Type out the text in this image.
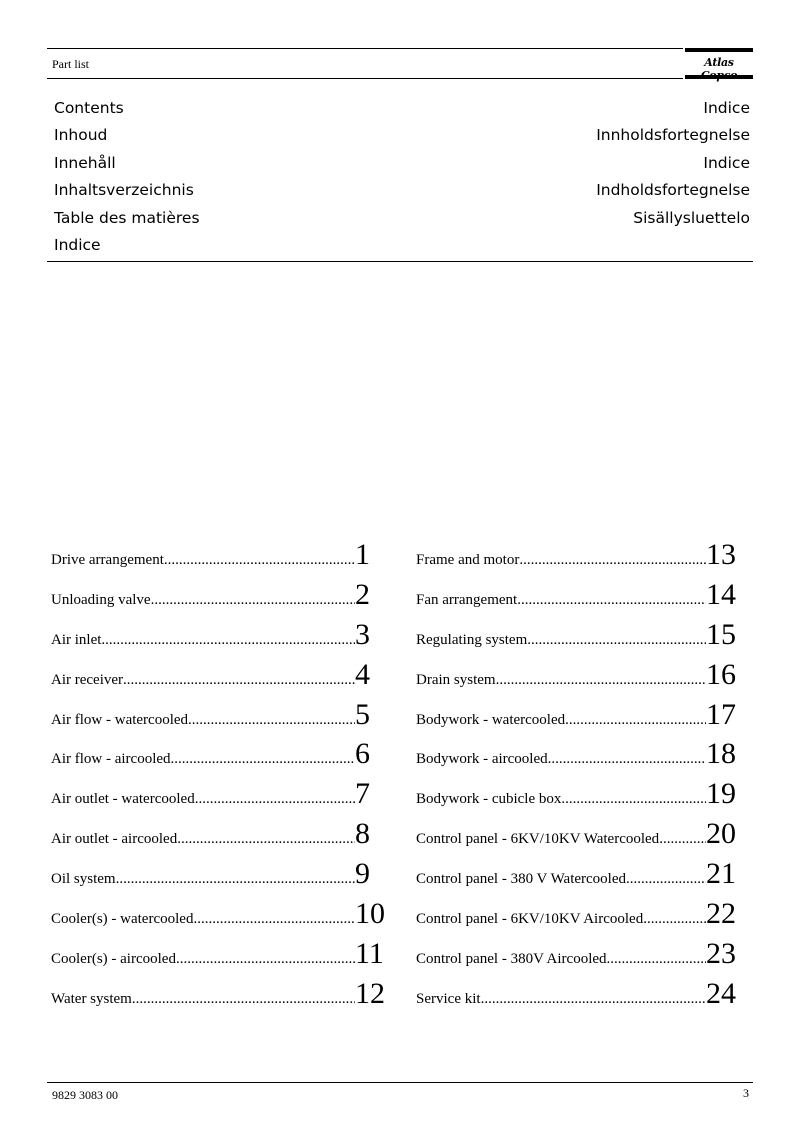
Part list	Atlas
Contents	Indice
Inhoud	Innholdsfortegnelse
Innehåll	Indice
Inhaltsverzeichnis	Indholdsfortegnelse
Table des matières	Sisällysluettelo
Indice
Drive arrangement .....	1
Unloading valve .....	2
Air inlet .....	3
Air receiver .....	4
Air flow - watercooled .....	5
Air flow - aircooled .....	6
Air outlet - watercooled .....	7
Air outlet - aircooled .....	8
Oil system .....	9
Cooler(s) - watercooled .....	10
Cooler(s) - aircooled .....	11
Water system .....	12
Frame and motor .....	13
Fan arrangement .....	14
Regulating system .....	15
Drain system .....	16
Bodywork - watercooled .....	17
Bodywork - aircooled .....	18
Bodywork - cubicle box .....	19
Control panel - 6KV/10KV Watercooled ..... 20
Control panel - 380 V Watercooled .....	21
Control panel - 6KV/10KV Aircooled ..... 22
Control panel - 380V Aircooled .....	23
Service kit .....	24
9829 3083 00	3
